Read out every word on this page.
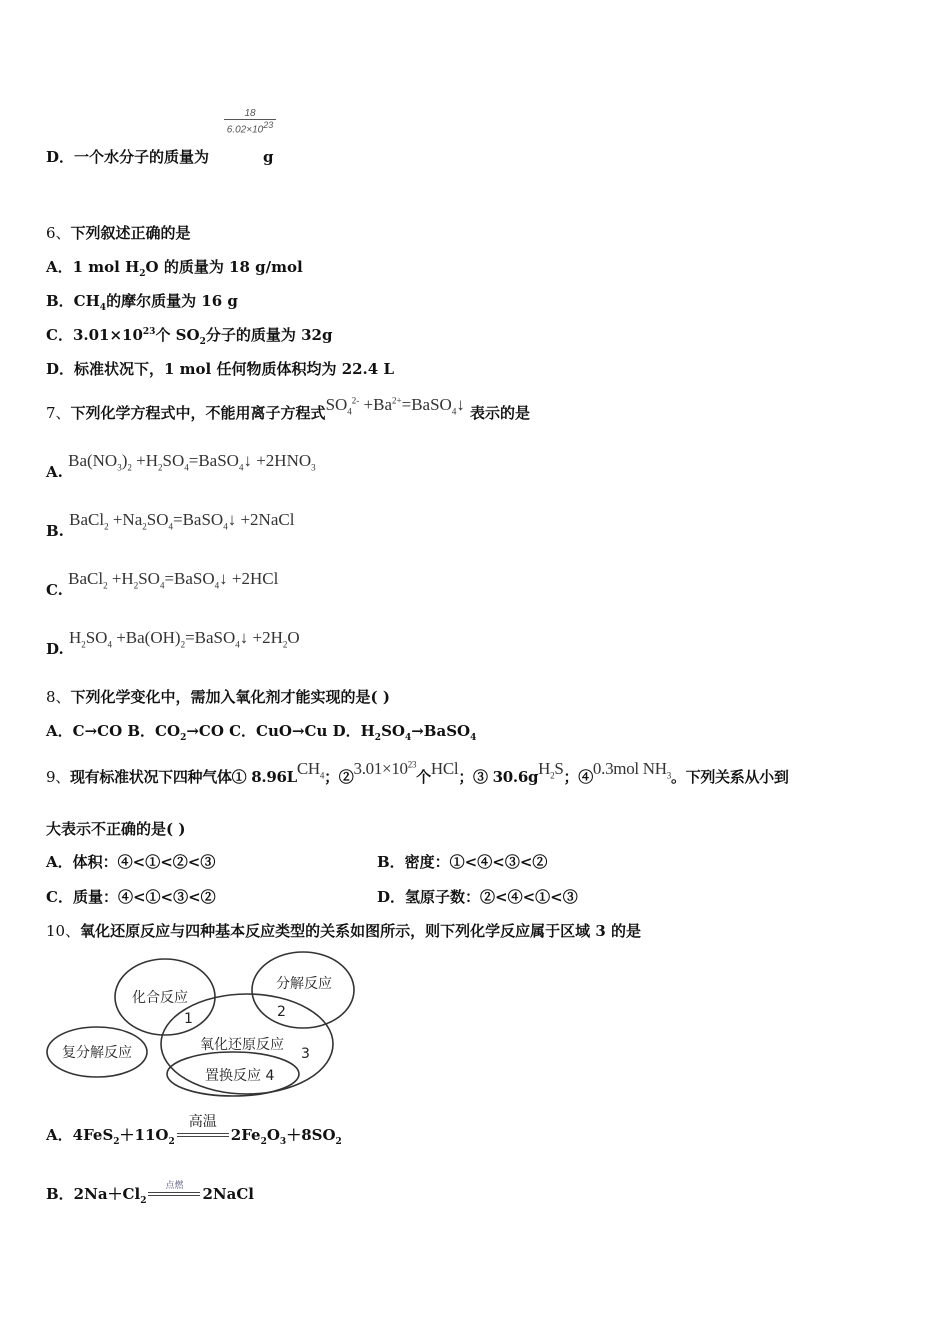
$\frac{18}{6.02\times 10^{23}}$
D．一个水分子的质量为	g
6、下列叙述正确的是
A．1 mol $H_2O$ 的质量为 18 g/mol
B．$CH_4$的摩尔质量为 16 g
C．$3.01\times 10^{23}$个 $SO_2$分子的质量为 32g
D．标准状况下，1 mol 任何物质体积均为 22.4 L
7、下列化学方程式中，不能用离子方程式$SO_4^{2-}$ $+Ba^{2+}=BaSO_4↓$ 表示的是
A. $Ba(NO_3)_2$ $+H_2SO_4=BaSO_4↓ +2HNO_3$
B. BaCl$_2$ $+Na_2SO_4=BaSO_4↓$ +2NaCl
C. BaCl$_2$ $+H_2SO_4=BaSO_4↓ +2HCl$
D. $H_2SO_4$ $+Ba(OH)_2=BaSO_4↓ +2H_2O$
8、下列化学变化中，需加入氧化剂才能实现的是( )
A．C→CO B．$CO_2\to CO$ C．CuO→Cu D．$H_2SO_4\to BaSO_4$
9、现有标准状况下四种气体① $8.96LCH_4$；$②3.01\times 10^{23}$个HCl；③ $30.6gH_2S$；④0.3mol $NH_3$。下列关系从小到
大表示不正确的是( )
A．体积：④<①<②<③	B．密度：①<④<③<②
C．质量：④<①<③<②	D．氢原子数：②<④<①<③
10、氧化还原反应与四种基本反应类型的关系如图所示，则下列化学反应属于区域 3 的是
化合反应
分解反应
复分解反应	氧化还原反应
置换反应 4
1	2
3
A．$4FeS_2+11O_2$
高温
$2Fe_2O_3+8SO_2$
B．$2Na+Cl_2$
点燃	2NaCl
